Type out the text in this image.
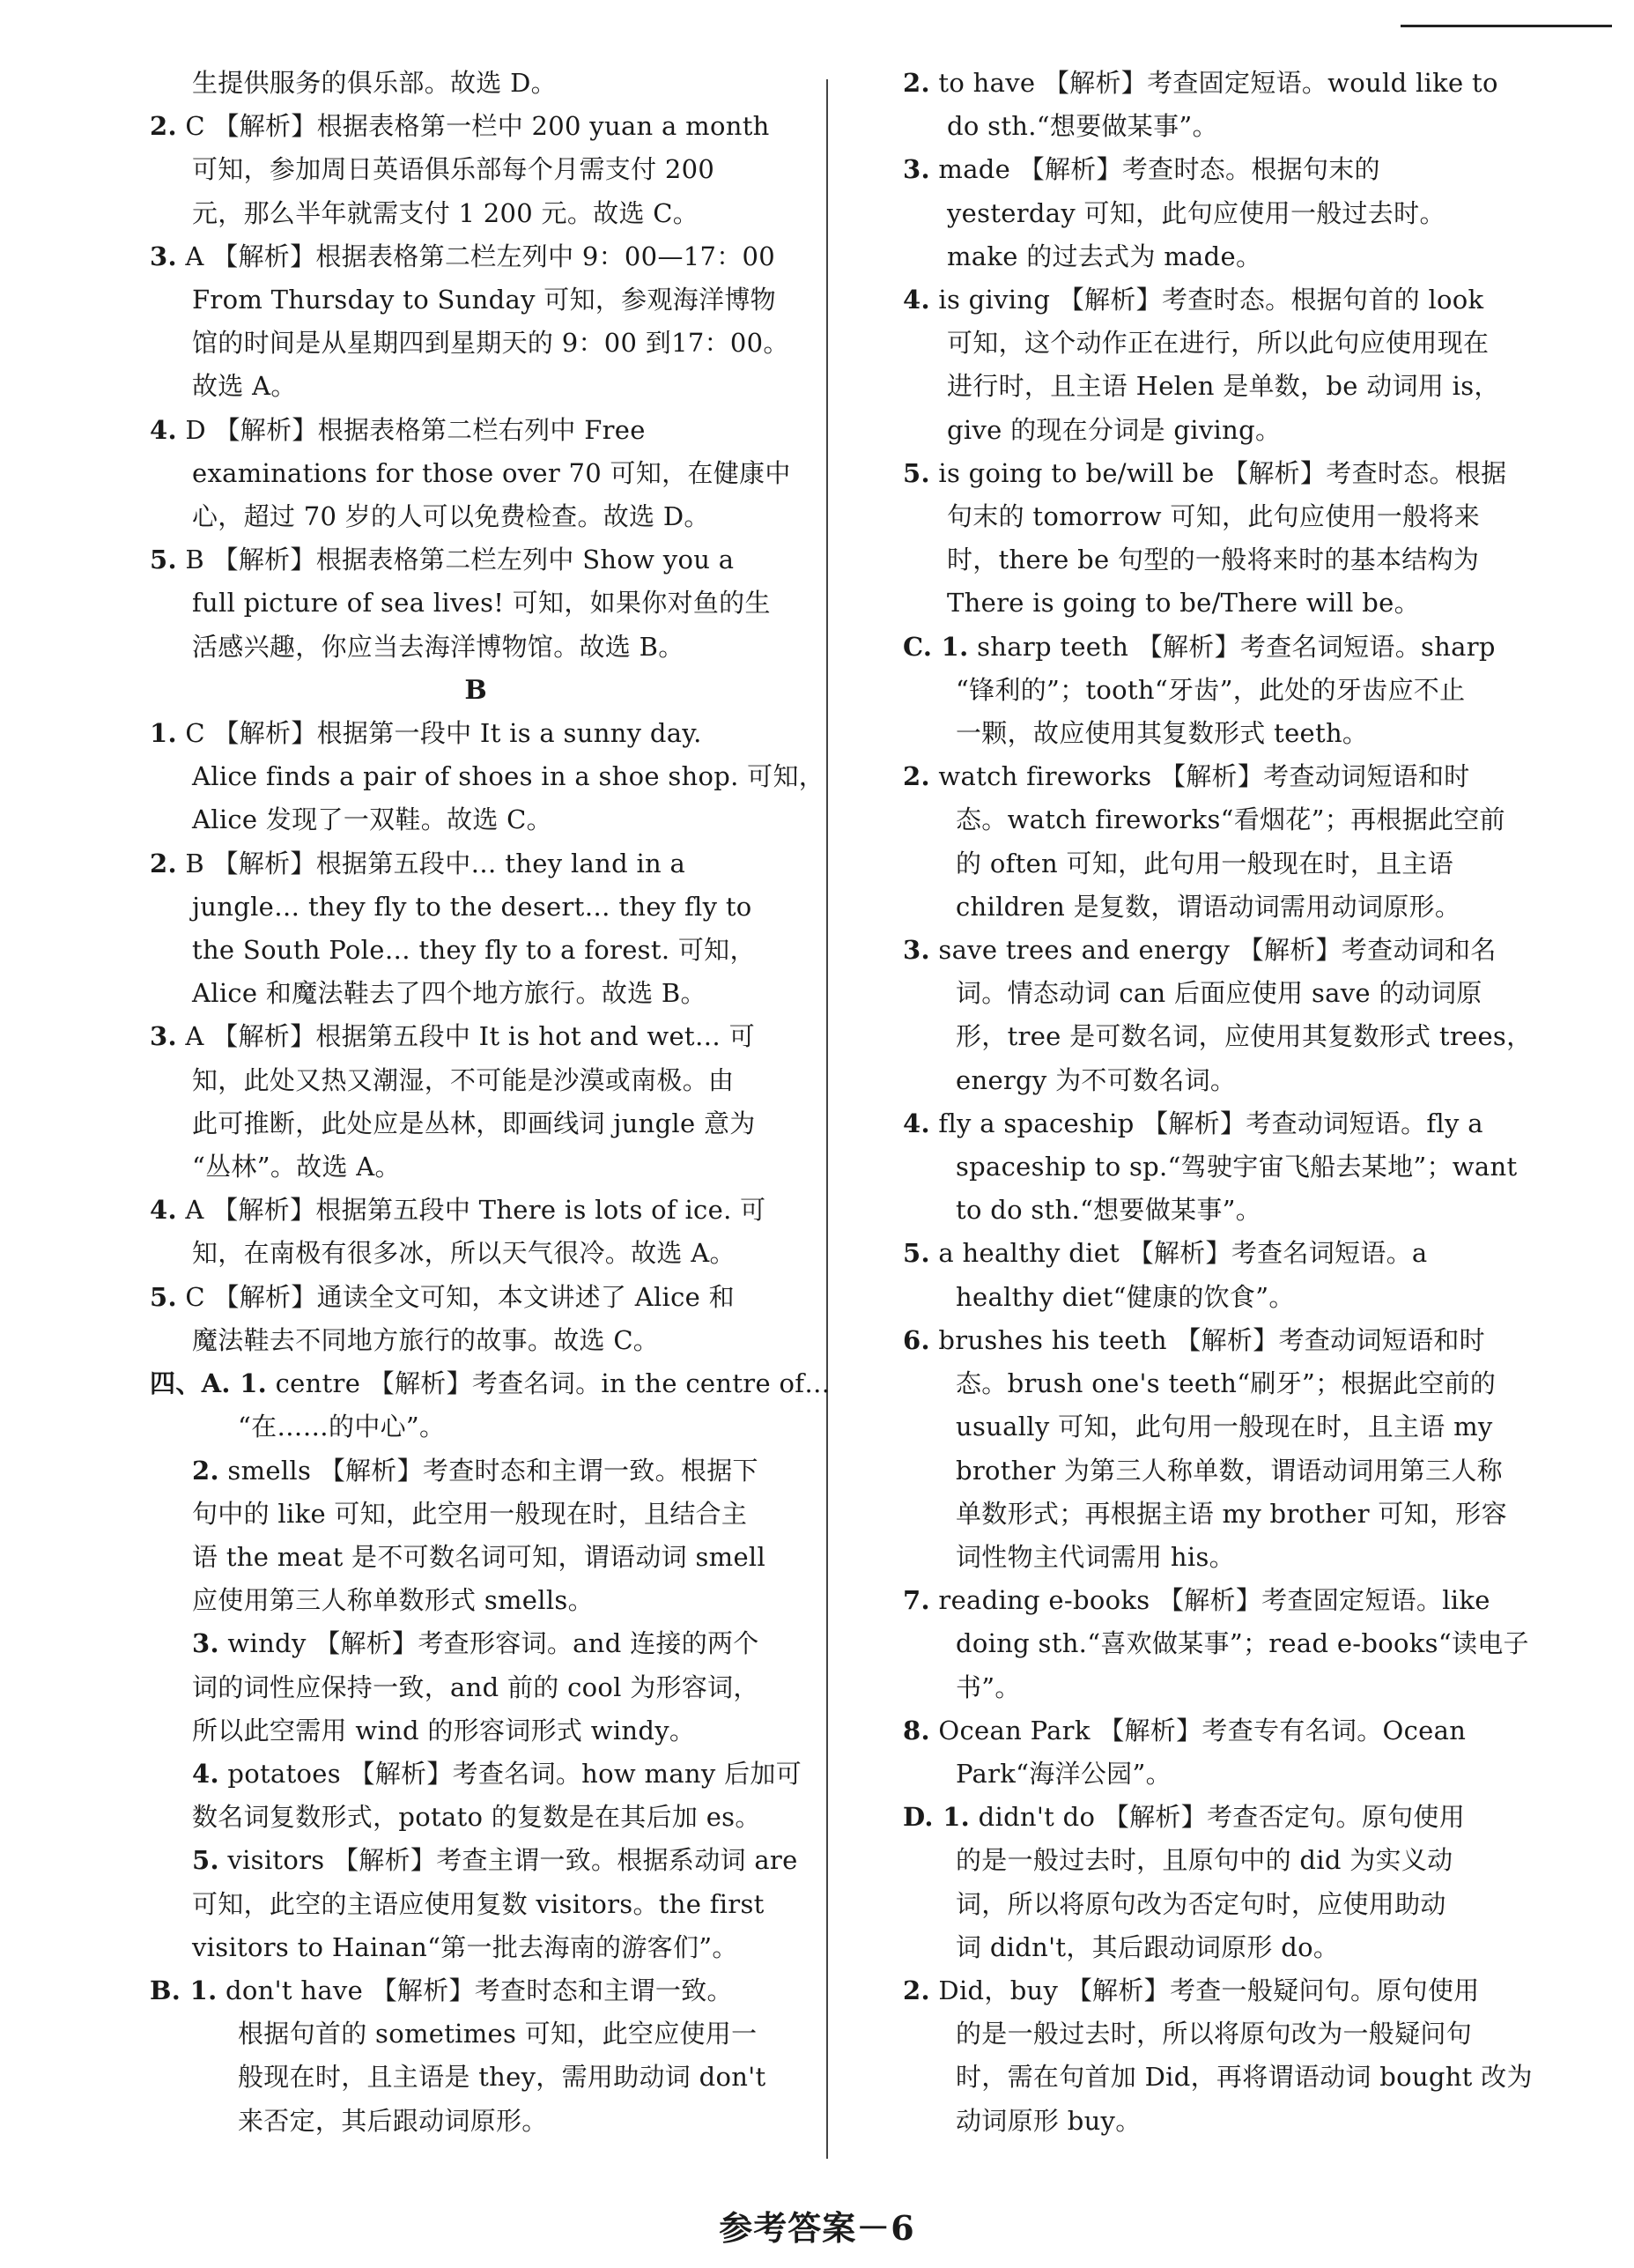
生提供服务的俱乐部。故选 D。
2. C 【解析】根据表格第一栏中 200 yuan a month
可知，参加周日英语俱乐部每个月需支付 200
元，那么半年就需支付 1 200 元。故选 C。
3. A 【解析】根据表格第二栏左列中 9：00—17：00
From Thursday to Sunday 可知，参观海洋博物
馆的时间是从星期四到星期天的 9：00 到17：00。
故选 A。
4. D 【解析】根据表格第二栏右列中 Free
examinations for those over 70 可知，在健康中
心，超过 70 岁的人可以免费检查。故选 D。
5. B 【解析】根据表格第二栏左列中 Show you a
full picture of sea lives! 可知，如果你对鱼的生
活感兴趣，你应当去海洋博物馆。故选 B。
B
1. C 【解析】根据第一段中 It is a sunny day.
Alice finds a pair of shoes in a shoe shop. 可知，
Alice 发现了一双鞋。故选 C。
2. B 【解析】根据第五段中… they land in a
jungle… they fly to the desert… they fly to
the South Pole… they fly to a forest. 可知，
Alice 和魔法鞋去了四个地方旅行。故选 B。
3. A 【解析】根据第五段中 It is hot and wet… 可
知，此处又热又潮湿，不可能是沙漠或南极。由
此可推断，此处应是丛林，即画线词 jungle 意为
“丛林”。故选 A。
4. A 【解析】根据第五段中 There is lots of ice. 可
知，在南极有很多冰，所以天气很冷。故选 A。
5. C 【解析】通读全文可知，本文讲述了 Alice 和
魔法鞋去不同地方旅行的故事。故选 C。
四、A. 1. centre 【解析】考查名词。in the centre of…
“在……的中心”。
2. smells 【解析】考查时态和主谓一致。根据下
句中的 like 可知，此空用一般现在时，且结合主
语 the meat 是不可数名词可知，谓语动词 smell
应使用第三人称单数形式 smells。
3. windy 【解析】考查形容词。and 连接的两个
词的词性应保持一致，and 前的 cool 为形容词，
所以此空需用 wind 的形容词形式 windy。
4. potatoes 【解析】考查名词。how many 后加可
数名词复数形式，potato 的复数是在其后加 es。
5. visitors 【解析】考查主谓一致。根据系动词 are
可知，此空的主语应使用复数 visitors。the first
visitors to Hainan“第一批去海南的游客们”。
B. 1. don't have 【解析】考查时态和主谓一致。
根据句首的 sometimes 可知，此空应使用一
般现在时，且主语是 they，需用助动词 don't
来否定，其后跟动词原形。
2. to have 【解析】考查固定短语。would like to
do sth.“想要做某事”。
3. made 【解析】考查时态。根据句末的
yesterday 可知，此句应使用一般过去时。
make 的过去式为 made。
4. is giving 【解析】考查时态。根据句首的 look
可知，这个动作正在进行，所以此句应使用现在
进行时，且主语 Helen 是单数，be 动词用 is，
give 的现在分词是 giving。
5. is going to be/will be 【解析】考查时态。根据
句末的 tomorrow 可知，此句应使用一般将来
时，there be 句型的一般将来时的基本结构为
There is going to be/There will be。
C. 1. sharp teeth 【解析】考查名词短语。sharp
“锋利的”；tooth“牙齿”，此处的牙齿应不止
一颗，故应使用其复数形式 teeth。
2. watch fireworks 【解析】考查动词短语和时
态。watch fireworks“看烟花”；再根据此空前
的 often 可知，此句用一般现在时，且主语
children 是复数，谓语动词需用动词原形。
3. save trees and energy 【解析】考查动词和名
词。情态动词 can 后面应使用 save 的动词原
形，tree 是可数名词，应使用其复数形式 trees，
energy 为不可数名词。
4. fly a spaceship 【解析】考查动词短语。fly a
spaceship to sp.“驾驶宇宙飞船去某地”；want
to do sth.“想要做某事”。
5. a healthy diet 【解析】考查名词短语。a
healthy diet“健康的饮食”。
6. brushes his teeth 【解析】考查动词短语和时
态。brush one's teeth“刷牙”；根据此空前的
usually 可知，此句用一般现在时，且主语 my
brother 为第三人称单数，谓语动词用第三人称
单数形式；再根据主语 my brother 可知，形容
词性物主代词需用 his。
7. reading e-books 【解析】考查固定短语。like
doing sth.“喜欢做某事”；read e-books“读电子
书”。
8. Ocean Park 【解析】考查专有名词。Ocean
Park“海洋公园”。
D. 1. didn't do 【解析】考查否定句。原句使用
的是一般过去时，且原句中的 did 为实义动
词，所以将原句改为否定句时，应使用助动
词 didn't，其后跟动词原形 do。
2. Did，buy 【解析】考查一般疑问句。原句使用
的是一般过去时，所以将原句改为一般疑问句
时，需在句首加 Did，再将谓语动词 bought 改为
动词原形 buy。
参考答案－6
